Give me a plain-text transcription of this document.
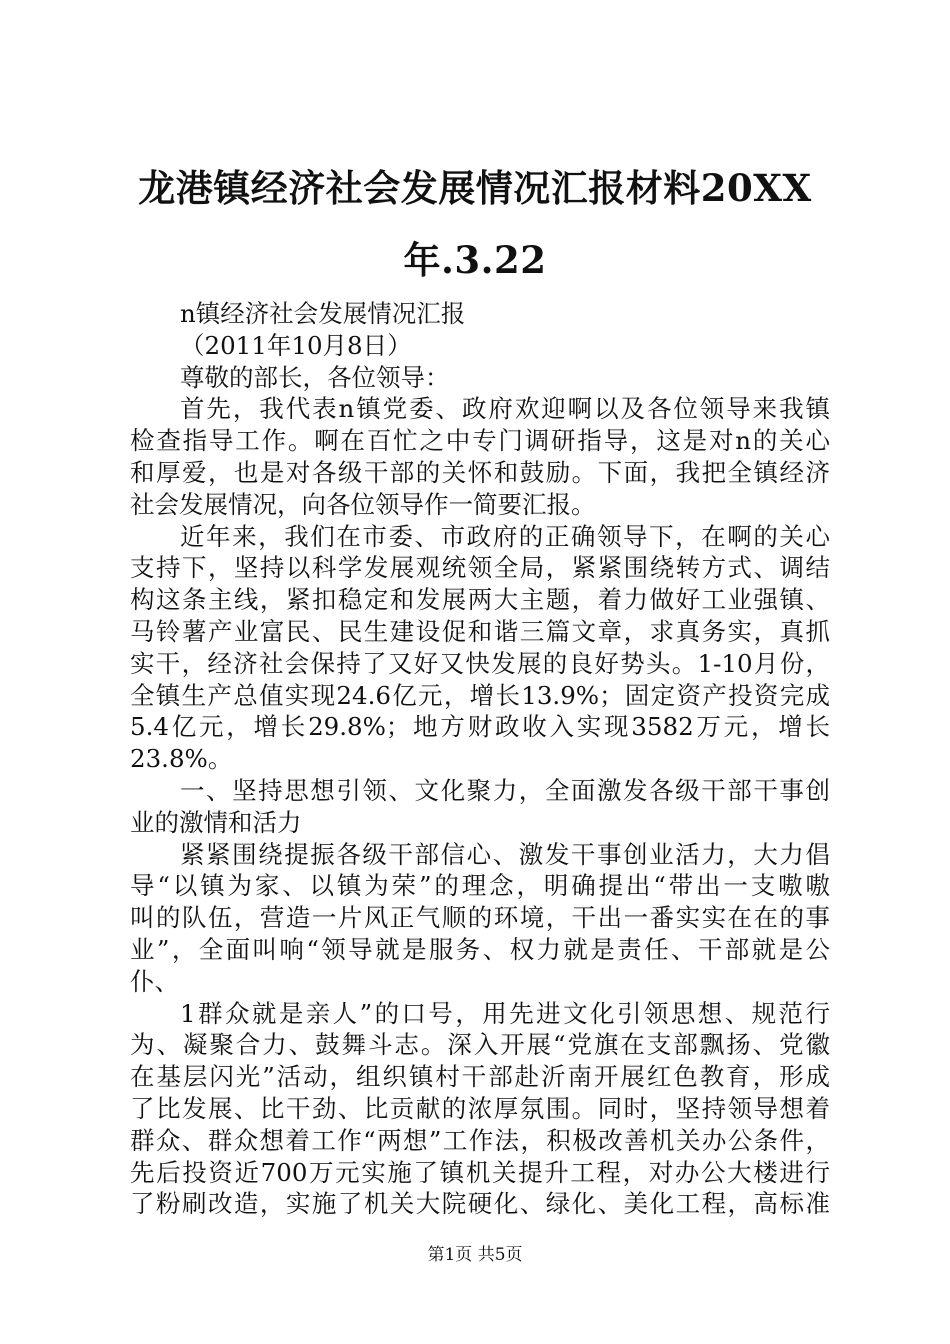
龙港镇经济社会发展情况汇报材料20XX
年.3.22
n镇经济社会发展情况汇报
（2011年10月8日）
尊敬的部长，各位领导：
首先，我代表n镇党委、政府欢迎啊以及各位领导来我镇
检查指导工作。啊在百忙之中专门调研指导，这是对n的关心
和厚爱，也是对各级干部的关怀和鼓励。下面，我把全镇经济
社会发展情况，向各位领导作一简要汇报。
近年来，我们在市委、市政府的正确领导下，在啊的关心
支持下，坚持以科学发展观统领全局，紧紧围绕转方式、调结
构这条主线，紧扣稳定和发展两大主题，着力做好工业强镇、
马铃薯产业富民、民生建设促和谐三篇文章，求真务实，真抓
实干，经济社会保持了又好又快发展的良好势头。1-10月份，
全镇生产总值实现24.6亿元，增长13.9%；固定资产投资完成
5.4亿元，增长29.8%；地方财政收入实现3582万元，增长
23.8%。
一、坚持思想引领、文化聚力，全面激发各级干部干事创
业的激情和活力
紧紧围绕提振各级干部信心、激发干事创业活力，大力倡
导“以镇为家、以镇为荣”的理念，明确提出“带出一支嗷嗷
叫的队伍，营造一片风正气顺的环境，干出一番实实在在的事
业”，全面叫响“领导就是服务、权力就是责任、干部就是公
仆、
1群众就是亲人”的口号，用先进文化引领思想、规范行
为、凝聚合力、鼓舞斗志。深入开展“党旗在支部飘扬、党徽
在基层闪光”活动，组织镇村干部赴沂南开展红色教育，形成
了比发展、比干劲、比贡献的浓厚氛围。同时，坚持领导想着
群众、群众想着工作“两想”工作法，积极改善机关办公条件，
先后投资近700万元实施了镇机关提升工程，对办公大楼进行
了粉刷改造，实施了机关大院硬化、绿化、美化工程，高标准
第1页 共5页
